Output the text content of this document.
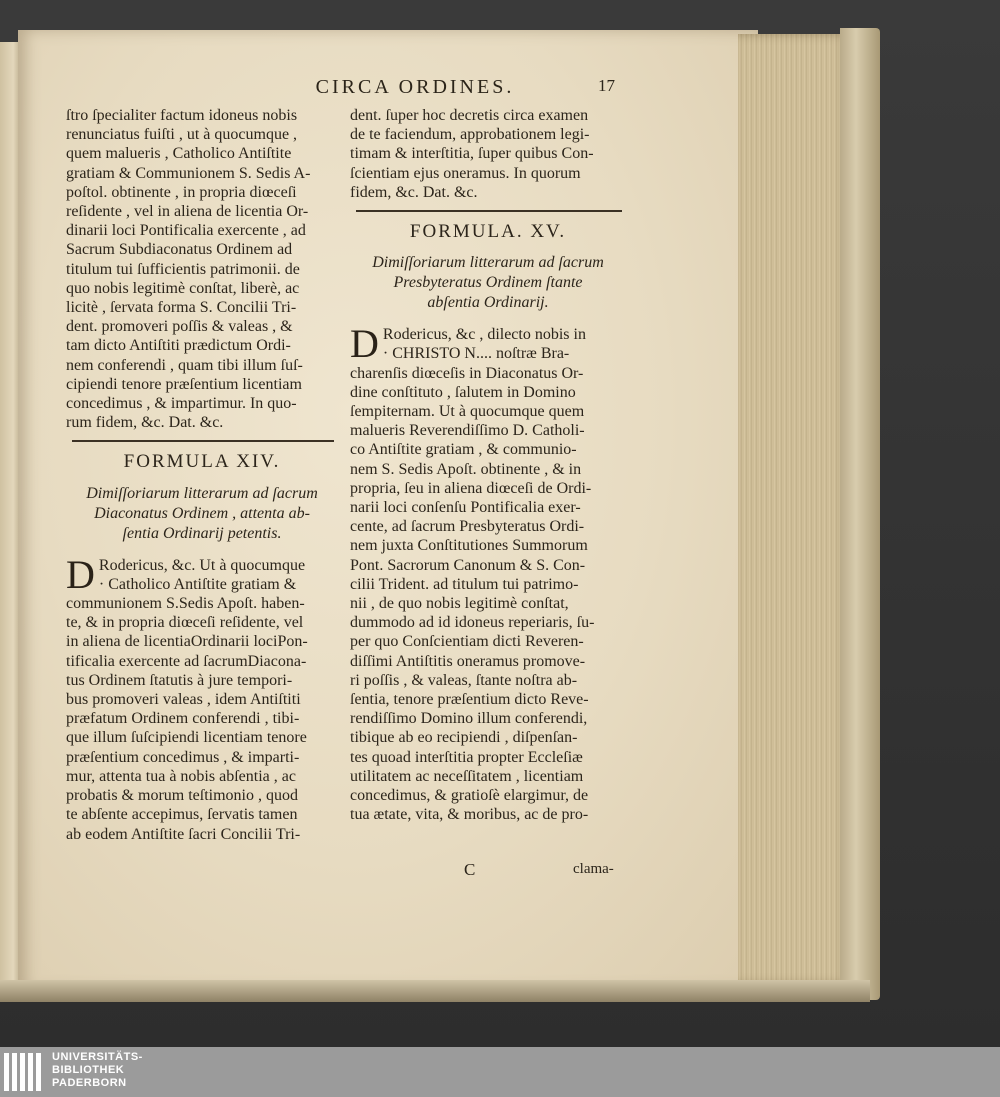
CIRCA ORDINES.	17

ſtro ſpecialiter factum idoneus nobis
renunciatus fuiſti , ut à quocumque ,
quem malueris , Catholico Antiſtite
gratiam & Communionem S. Sedis A-
poſtol. obtinente , in propria diœceſi
reſidente , vel in aliena de licentia Or-
dinarii loci Pontificalia exercente , ad
Sacrum Subdiaconatus Ordinem ad
titulum tui ſufficientis patrimonii. de
quo nobis legitimè conſtat, liberè, ac
licitè , ſervata forma S. Concilii Tri-
dent. promoveri poſſis & valeas , &
tam dicto Antiſtiti prædictum Ordi-
nem conferendi , quam tibi illum ſuſ-
cipiendi tenore præſentium licentiam
concedimus , & impartimur. In quo-
rum fidem, &c. Dat. &c.

FORMULA XIV.
Dimiſſoriarum litterarum ad ſacrum
Diaconatus Ordinem , attenta ab-
ſentia Ordinarij petentis.

D Rodericus, &c. Ut à quocumque
· Catholico Antiſtite gratiam &
communionem S.Sedis Apoſt. haben-
te, & in propria diœceſi reſidente, vel
in aliena de licentiaOrdinarii lociPon-
tificalia exercente ad ſacrumDiacona-
tus Ordinem ſtatutis à jure tempori-
bus promoveri valeas , idem Antiſtiti
præfatum Ordinem conferendi , tibi-
que illum ſuſcipiendi licentiam tenore
præſentium concedimus , & imparti-
mur, attenta tua à nobis abſentia , ac
probatis & morum teſtimonio , quod
te abſente accepimus, ſervatis tamen
ab eodem Antiſtite ſacri Concilii Tri-

dent. ſuper hoc decretis circa examen
de te faciendum, approbationem legi-
timam & interſtitia, ſuper quibus Con-
ſcientiam ejus oneramus. In quorum
fidem, &c. Dat. &c.

FORMULA. XV.
Dimiſſoriarum litterarum ad ſacrum
Presbyteratus Ordinem ſtante
abſentia Ordinarij.

D Rodericus, &c , dilecto nobis in
· CHRISTO N.... noſtræ Bra-
charenſis diœceſis in Diaconatus Or-
dine conſtituto , ſalutem in Domino
ſempiternam. Ut à quocumque quem
malueris Reverendiſſimo D. Catholi-
co Antiſtite gratiam , & communio-
nem S. Sedis Apoſt. obtinente , & in
propria, ſeu in aliena diœceſi de Ordi-
narii loci conſenſu Pontificalia exer-
cente, ad ſacrum Presbyteratus Ordi-
nem juxta Conſtitutiones Summorum
Pont. Sacrorum Canonum & S. Con-
cilii Trident. ad titulum tui patrimo-
nii , de quo nobis legitimè conſtat,
dummodo ad id idoneus reperiaris, ſu-
per quo Conſcientiam dicti Reveren-
diſſimi Antiſtitis oneramus promove-
ri poſſis , & valeas, ſtante noſtra ab-
ſentia, tenore præſentium dicto Reve-
rendiſſimo Domino illum conferendi,
tibique ab eo recipiendi , diſpenſan-
tes quoad interſtitia propter Eccleſiæ
utilitatem ac neceſſitatem , licentiam
concedimus, & gratioſè elargimur, de
tua ætate, vita, & moribus, ac de pro-

C	clama-
UNIVERSITÄTS-
BIBLIOTHEK
PADERBORN
